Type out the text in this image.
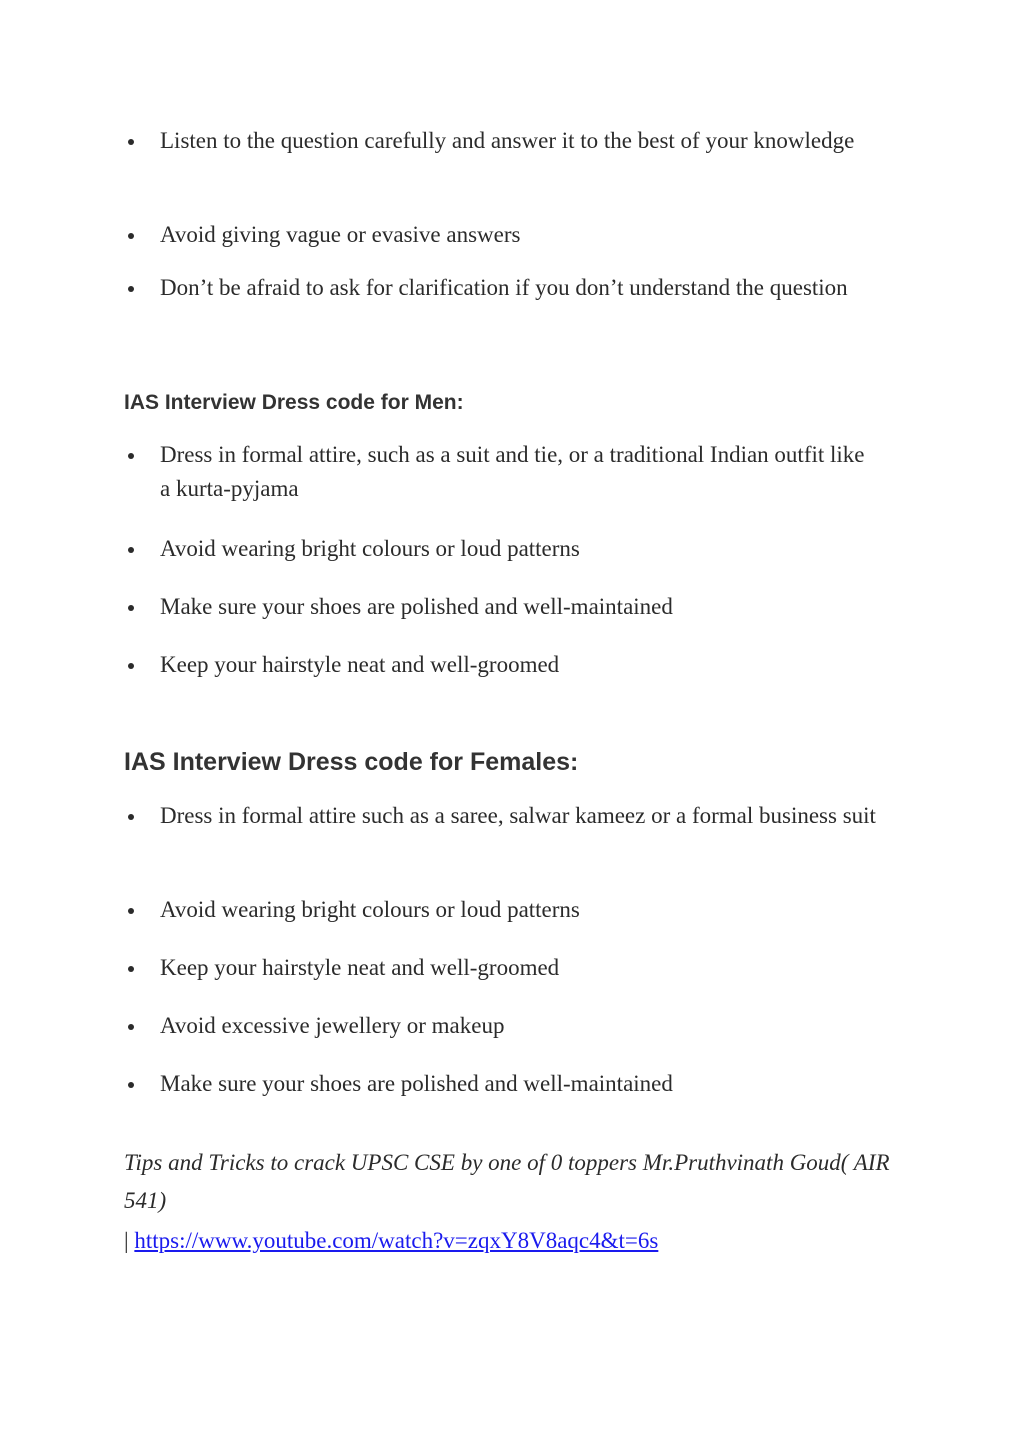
Listen to the question carefully and answer it to the best of your knowledge
Avoid giving vague or evasive answers
Don’t be afraid to ask for clarification if you don’t understand the question
IAS Interview Dress code for Men:
Dress in formal attire, such as a suit and tie, or a traditional Indian outfit like a kurta-pyjama
Avoid wearing bright colours or loud patterns
Make sure your shoes are polished and well-maintained
Keep your hairstyle neat and well-groomed
IAS Interview Dress code for Females:
Dress in formal attire such as a saree, salwar kameez or a formal business suit
Avoid wearing bright colours or loud patterns
Keep your hairstyle neat and well-groomed
Avoid excessive jewellery or makeup
Make sure your shoes are polished and well-maintained
Tips and Tricks to crack UPSC CSE by one of 0 toppers Mr.Pruthvinath Goud( AIR 541)
| https://www.youtube.com/watch?v=zqxY8V8aqc4&t=6s
